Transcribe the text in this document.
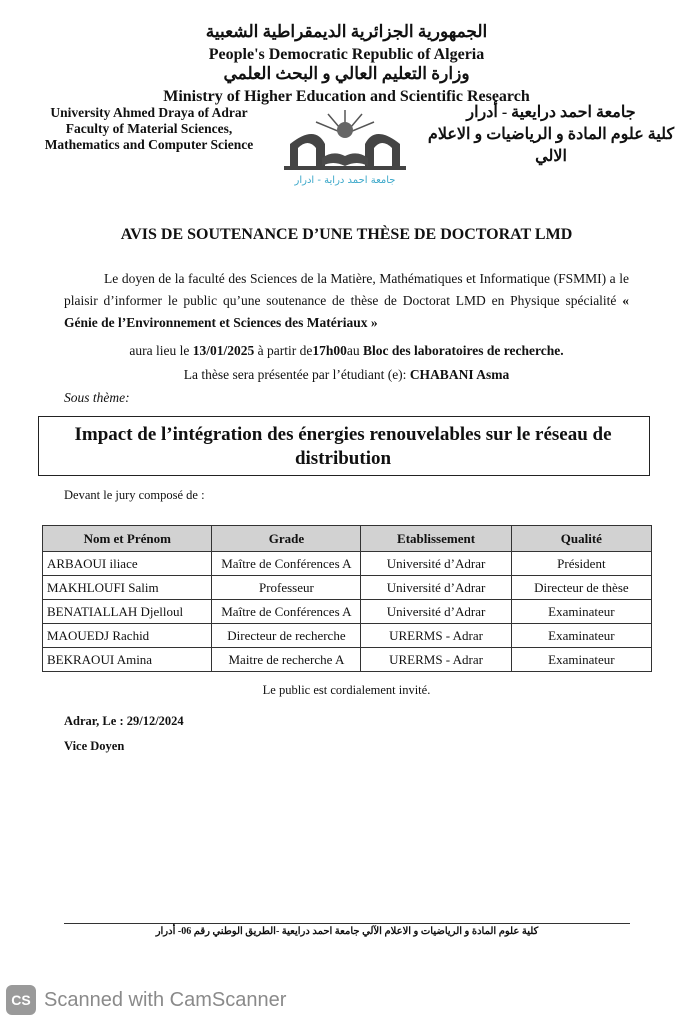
الجمهورية الجزائرية الديمقراطية الشعبية
People's Democratic Republic of Algeria
وزارة التعليم العالي و البحث العلمي
Ministry of Higher Education and Scientific Research
University Ahmed Draya of Adrar
Faculty of Material Sciences,
Mathematics and Computer Science
جامعة احمد دراية - ادرار
جامعة احمد درايعية - أدرار
كلية علوم المادة و الرياضيات و الاعلام
الالي
AVIS DE SOUTENANCE D’UNE THÈSE DE DOCTORAT LMD
Le doyen de la faculté des Sciences de la Matière, Mathématiques et Informatique (FSMMI) a le plaisir d’informer le public qu’une soutenance de thèse de Doctorat LMD en Physique spécialité « Génie de l’Environnement et Sciences des Matériaux »
aura lieu le 13/01/2025 à partir de17h00au Bloc des laboratoires de recherche.
La thèse sera présentée par l’étudiant (e): CHABANI Asma
Sous thème:
Impact de l’intégration des énergies renouvelables sur le réseau de distribution
Devant le jury composé de :
Nom et Prénom	Grade	Etablissement	Qualité
ARBAOUI iliace	Maître de Conférences A	Université d’Adrar	Président
MAKHLOUFI Salim	Professeur	Université d’Adrar	Directeur de thèse
BENATIALLAH Djelloul	Maître de Conférences A	Université d’Adrar	Examinateur
MAOUEDJ Rachid	Directeur de recherche	URERMS - Adrar	Examinateur
BEKRAOUI Amina	Maitre de recherche A	URERMS - Adrar	Examinateur
Le public est cordialement invité.
Adrar, Le : 29/12/2024
Vice Doyen
كلية علوم المادة و الرياضيات و الاعلام الآلي جامعة احمد درايعية -الطريق الوطني رقم 06- أدرار
CS Scanned with CamScanner
